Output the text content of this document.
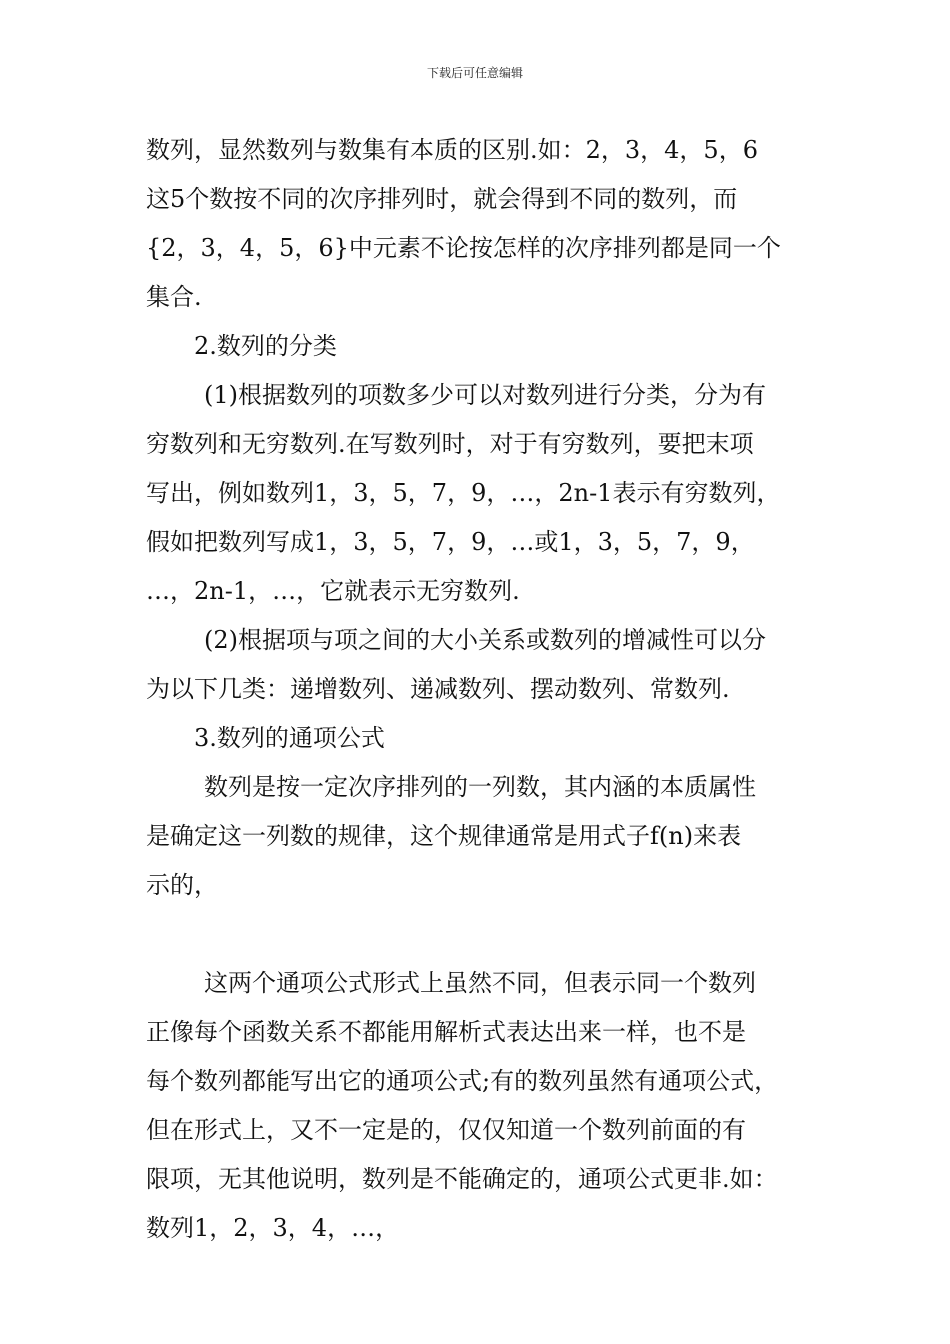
下载后可任意编辑
数列，显然数列与数集有本质的区别.如：2，3，4，5，6
这5个数按不同的次序排列时，就会得到不同的数列，而
{2，3，4，5，6}中元素不论按怎样的次序排列都是同一个
集合.
2.数列的分类
(1)根据数列的项数多少可以对数列进行分类，分为有
穷数列和无穷数列.在写数列时，对于有穷数列，要把末项
写出，例如数列1，3，5，7，9，…，2n-1表示有穷数列，
假如把数列写成1，3，5，7，9，…或1，3，5，7，9，
…，2n-1，…，它就表示无穷数列.
(2)根据项与项之间的大小关系或数列的增减性可以分
为以下几类：递增数列、递减数列、摆动数列、常数列.
3.数列的通项公式
数列是按一定次序排列的一列数，其内涵的本质属性
是确定这一列数的规律，这个规律通常是用式子f(n)来表
示的，
这两个通项公式形式上虽然不同，但表示同一个数列
正像每个函数关系不都能用解析式表达出来一样，也不是
每个数列都能写出它的通项公式;有的数列虽然有通项公式，
但在形式上，又不一定是的，仅仅知道一个数列前面的有
限项，无其他说明，数列是不能确定的，通项公式更非.如：
数列1，2，3，4，…，
